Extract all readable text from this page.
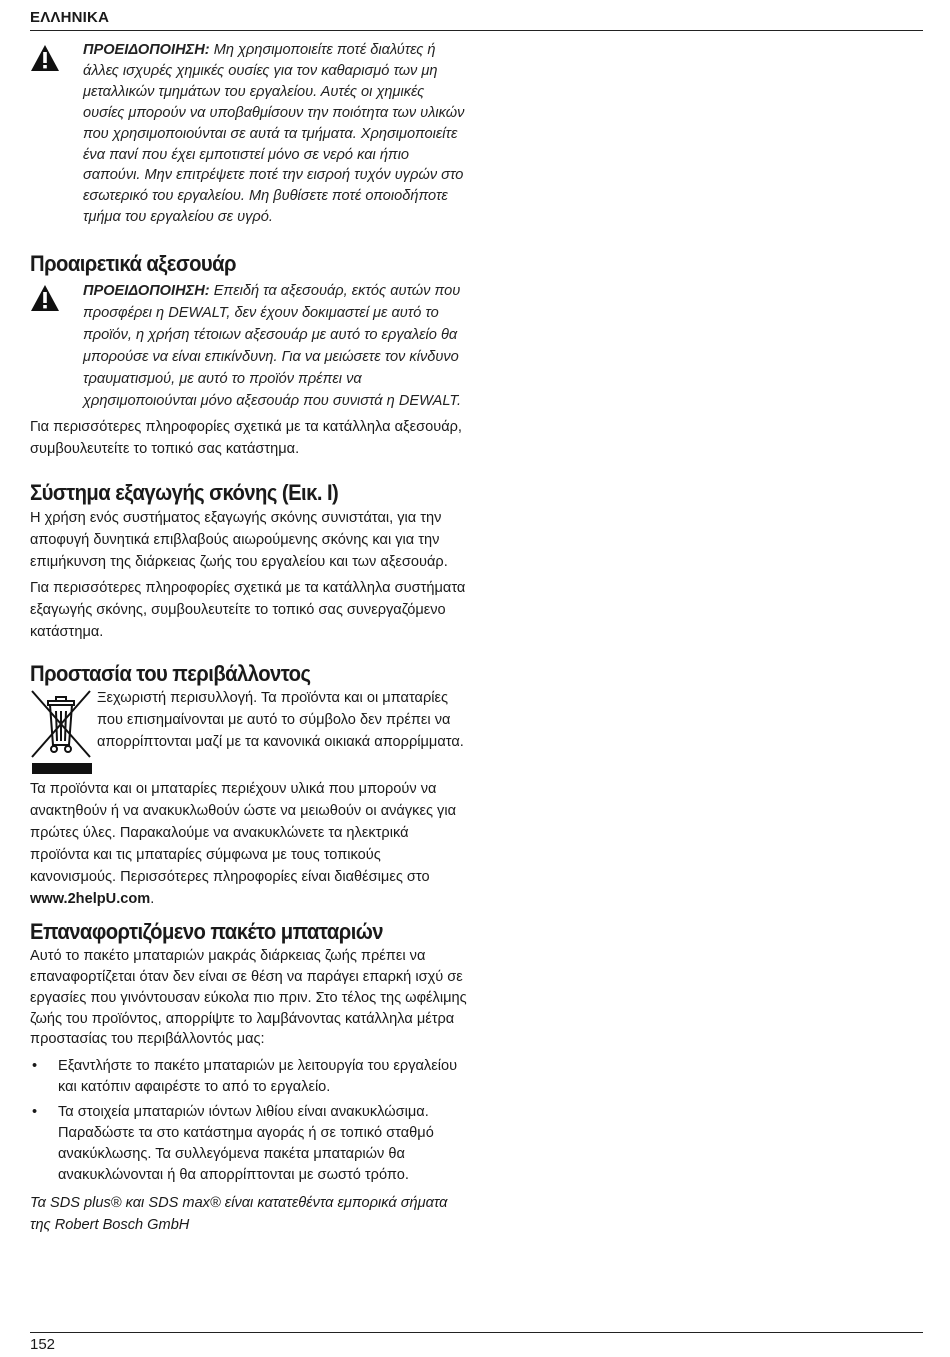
ΕΛΛΗΝΙΚΑ
ΠΡΟΕΙΔΟΠΟΙΗΣΗ: Μη χρησιμοποιείτε ποτέ διαλύτες ή άλλες ισχυρές χημικές ουσίες για τον καθαρισμό των μη μεταλλικών τμημάτων του εργαλείου. Αυτές οι χημικές ουσίες μπορούν να υποβαθμίσουν την ποιότητα των υλικών που χρησιμοποιούνται σε αυτά τα τμήματα. Χρησιμοποιείτε ένα πανί που έχει εμποτιστεί μόνο σε νερό και ήπιο σαπούνι. Μην επιτρέψετε ποτέ την εισροή τυχόν υγρών στο εσωτερικό του εργαλείου. Μη βυθίσετε ποτέ οποιοδήποτε τμήμα του εργαλείου σε υγρό.
Προαιρετικά αξεσουάρ
ΠΡΟΕΙΔΟΠΟΙΗΣΗ: Επειδή τα αξεσουάρ, εκτός αυτών που προσφέρει η DEWALT, δεν έχουν δοκιμαστεί με αυτό το προϊόν, η χρήση τέτοιων αξεσουάρ με αυτό το εργαλείο θα μπορούσε να είναι επικίνδυνη. Για να μειώσετε τον κίνδυνο τραυματισμού, με αυτό το προϊόν πρέπει να χρησιμοποιούνται μόνο αξεσουάρ που συνιστά η DEWALT.

Για περισσότερες πληροφορίες σχετικά με τα κατάλληλα αξεσουάρ, συμβουλευτείτε το τοπικό σας κατάστημα.

Σύστημα εξαγωγής σκόνης (Εικ. I)

Η χρήση ενός συστήματος εξαγωγής σκόνης συνιστάται, για την αποφυγή δυνητικά επιβλαβούς αιωρούμενης σκόνης και για την επιμήκυνση της διάρκειας ζωής του εργαλείου και των αξεσουάρ.

Για περισσότερες πληροφορίες σχετικά με τα κατάλληλα συστήματα εξαγωγής σκόνης, συμβουλευτείτε το τοπικό σας συνεργαζόμενο κατάστημα.

Προστασία του περιβάλλοντος
Ξεχωριστή περισυλλογή. Τα προϊόντα και οι μπαταρίες που επισημαίνονται με αυτό το σύμβολο δεν πρέπει να απορρίπτονται μαζί με τα κανονικά οικιακά απορρίμματα.

Τα προϊόντα και οι μπαταρίες περιέχουν υλικά που μπορούν να ανακτηθούν ή να ανακυκλωθούν ώστε να μειωθούν οι ανάγκες για πρώτες ύλες. Παρακαλούμε να ανακυκλώνετε τα ηλεκτρικά προϊόντα και τις μπαταρίες σύμφωνα με τους τοπικούς κανονισμούς. Περισσότερες πληροφορίες είναι διαθέσιμες στο www.2helpU.com.

Επαναφορτιζόμενο πακέτο μπαταριών

Αυτό το πακέτο μπαταριών μακράς διάρκειας ζωής πρέπει να επαναφορτίζεται όταν δεν είναι σε θέση να παράγει επαρκή ισχύ σε εργασίες που γινόντουσαν εύκολα πιο πριν. Στο τέλος της ωφέλιμης ζωής του προϊόντος, απορρίψτε το λαμβάνοντας κατάλληλα μέτρα προστασίας του περιβάλλοντός μας:

• Εξαντλήστε το πακέτο μπαταριών με λειτουργία του εργαλείου και κατόπιν αφαιρέστε το από το εργαλείο.
• Τα στοιχεία μπαταριών ιόντων λιθίου είναι ανακυκλώσιμα. Παραδώστε τα στο κατάστημα αγοράς ή σε τοπικό σταθμό ανακύκλωσης. Τα συλλεγόμενα πακέτα μπαταριών θα ανακυκλώνονται ή θα απορρίπτονται με σωστό τρόπο.

Τα SDS plus® και SDS max® είναι κατατεθέντα εμπορικά σήματα της Robert Bosch GmbH

152
